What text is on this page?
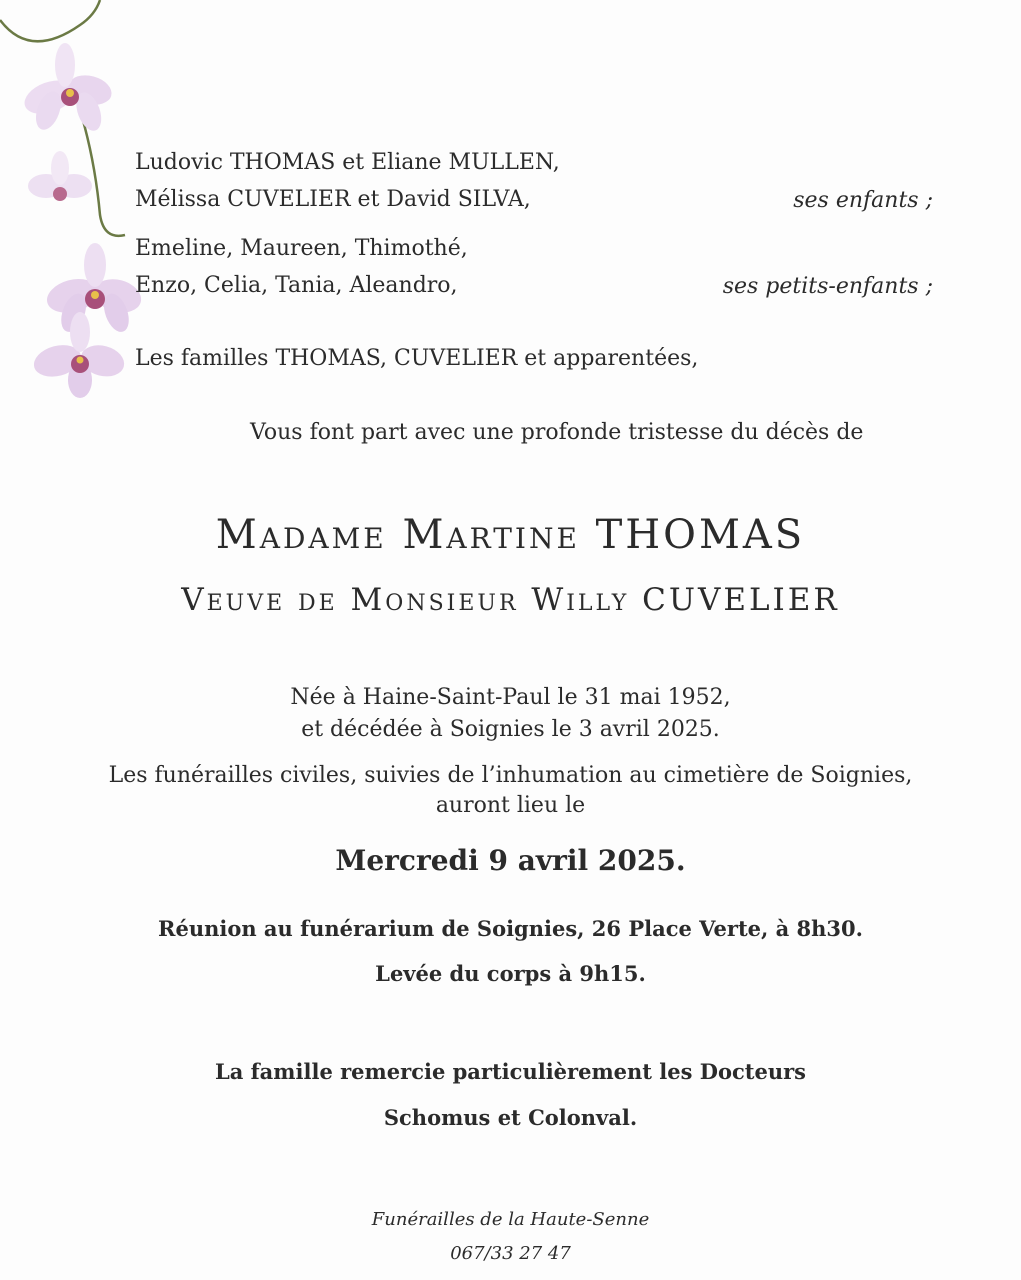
Ludovic THOMAS et Eliane MULLEN,
Mélissa CUVELIER et David SILVA,	ses enfants ;
Emeline, Maureen, Thimothé,
Enzo, Celia, Tania, Aleandro,	ses petits-enfants ;
Les familles THOMAS, CUVELIER et apparentées,
Vous font part avec une profonde tristesse du décès de
Madame Martine THOMAS
Veuve de Monsieur Willy CUVELIER
Née à Haine-Saint-Paul le 31 mai 1952,
et décédée à Soignies le 3 avril 2025.
Les funérailles civiles, suivies de l’inhumation au cimetière de Soignies,
auront lieu le
Mercredi 9 avril 2025.
Réunion au funérarium de Soignies, 26 Place Verte, à 8h30.
Levée du corps à 9h15.
La famille remercie particulièrement les Docteurs
Schomus et Colonval.
Funérailles de la Haute-Senne
067/33 27 47
